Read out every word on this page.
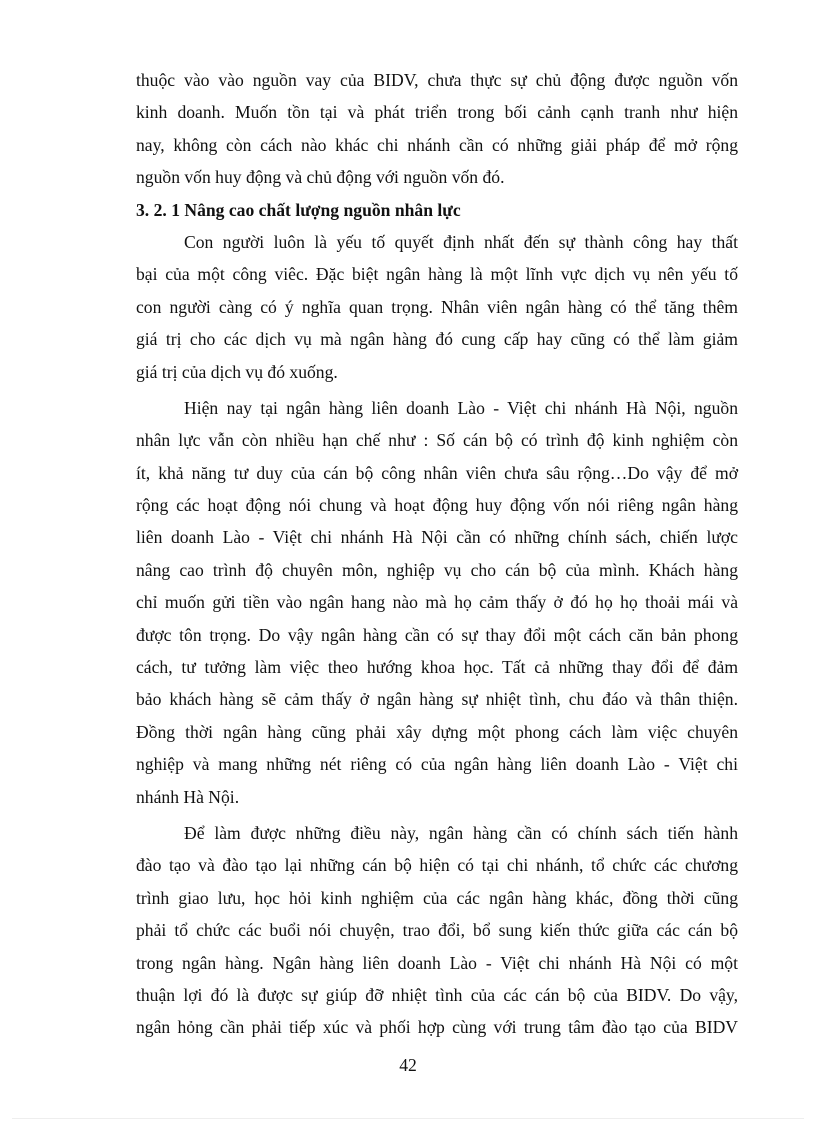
thuộc vào vào nguồn vay của BIDV, chưa thực sự chủ động được nguồn vốn
kinh doanh. Muốn tồn tại và phát triển trong bối cảnh cạnh tranh như hiện
nay, không còn cách nào khác chi nhánh cần có những giải pháp để mở rộng
nguồn vốn huy động và chủ động với nguồn vốn đó.
3. 2. 1 Nâng cao chất lượng nguồn nhân lực
Con người luôn là yếu tố quyết định nhất đến sự thành công hay thất
bại của một công viêc. Đặc biệt ngân hàng là một lĩnh vực dịch vụ nên yếu tố
con người càng có ý nghĩa quan trọng. Nhân viên ngân hàng có thể tăng thêm
giá trị cho các dịch vụ mà ngân hàng đó cung cấp hay cũng có thể làm giảm
giá trị của dịch vụ đó xuống.
Hiện nay tại ngân hàng liên doanh Lào - Việt chi nhánh Hà Nội, nguồn
nhân lực vẫn còn nhiều hạn chế như : Số cán bộ có trình độ kinh nghiệm còn
ít, khả năng tư duy của cán bộ công nhân viên chưa sâu rộng…Do vậy để mở
rộng các hoạt động nói chung và hoạt động huy động vốn nói riêng ngân hàng
liên doanh Lào - Việt chi nhánh Hà Nội cần có những chính sách, chiến lược
nâng cao trình độ chuyên môn, nghiệp vụ cho cán bộ của mình. Khách hàng
chỉ muốn gửi tiền vào ngân hang nào mà họ cảm thấy ở đó họ họ thoải mái và
được tôn trọng. Do vậy ngân hàng cần có sự thay đổi một cách căn bản phong
cách, tư tưởng làm việc theo hướng khoa học. Tất cả những thay đổi để đảm
bảo khách hàng sẽ cảm thấy ở ngân hàng sự nhiệt tình, chu đáo và thân thiện.
Đồng thời ngân hàng cũng phải xây dựng một phong cách làm việc chuyên
nghiệp và mang những nét riêng có của ngân hàng liên doanh Lào - Việt chi
nhánh Hà Nội.
Để làm được những điều này, ngân hàng cần có chính sách tiến hành
đào tạo và đào tạo lại những cán bộ hiện có tại chi nhánh, tổ chức các chương
trình giao lưu, học hỏi kinh nghiệm của các ngân hàng khác, đồng thời cũng
phải tổ chức các buổi nói chuyện, trao đổi, bổ sung kiến thức giữa các cán bộ
trong ngân hàng. Ngân hàng liên doanh Lào - Việt chi nhánh Hà Nội có một
thuận lợi đó là được sự giúp đỡ nhiệt tình của các cán bộ của BIDV. Do vậy,
ngân hỏng cần phải tiếp xúc và phối hợp cùng với trung tâm đào tạo của BIDV
42
